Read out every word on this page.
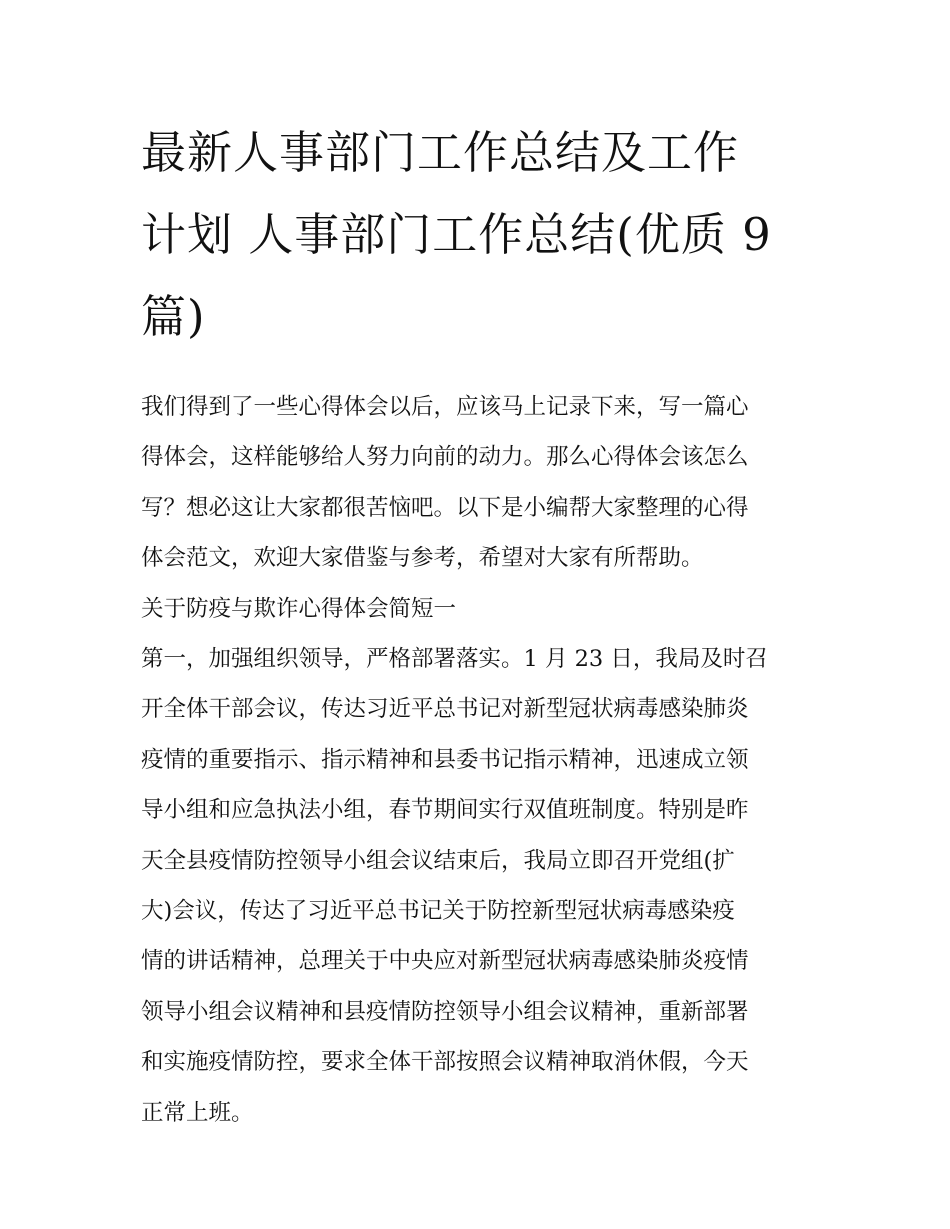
最新人事部门工作总结及工作
计划 人事部门工作总结(优质 9
篇)

我们得到了一些心得体会以后，应该马上记录下来，写一篇心
得体会，这样能够给人努力向前的动力。那么心得体会该怎么
写？想必这让大家都很苦恼吧。以下是小编帮大家整理的心得
体会范文，欢迎大家借鉴与参考，希望对大家有所帮助。

关于防疫与欺诈心得体会简短一

第一，加强组织领导，严格部署落实。1 月 23 日，我局及时召
开全体干部会议，传达习近平总书记对新型冠状病毒感染肺炎
疫情的重要指示、指示精神和县委书记指示精神，迅速成立领
导小组和应急执法小组，春节期间实行双值班制度。特别是昨
天全县疫情防控领导小组会议结束后，我局立即召开党组(扩
大)会议，传达了习近平总书记关于防控新型冠状病毒感染疫
情的讲话精神，总理关于中央应对新型冠状病毒感染肺炎疫情
领导小组会议精神和县疫情防控领导小组会议精神，重新部署
和实施疫情防控，要求全体干部按照会议精神取消休假，今天
正常上班。
